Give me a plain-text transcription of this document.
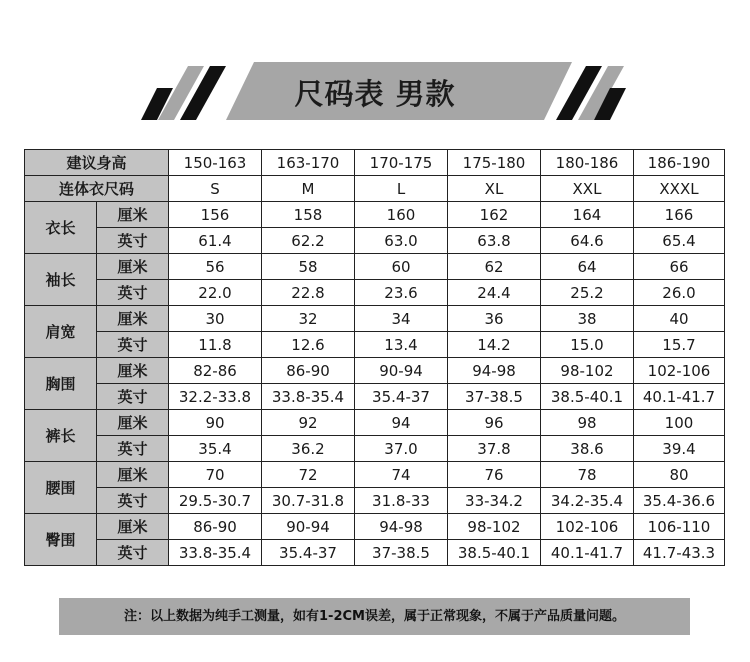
尺码表 男款
建议身高		150-163	163-170	170-175	175-180	180-186	186-190
连体衣尺码		S	M	L	XL	XXL	XXXL
衣长	厘米	156	158	160	162	164	166
	英寸	61.4	62.2	63.0	63.8	64.6	65.4
袖长	厘米	56	58	60	62	64	66
	英寸	22.0	22.8	23.6	24.4	25.2	26.0
肩宽	厘米	30	32	34	36	38	40
	英寸	11.8	12.6	13.4	14.2	15.0	15.7
胸围	厘米	82-86	86-90	90-94	94-98	98-102	102-106
	英寸	32.2-33.8	33.8-35.4	35.4-37	37-38.5	38.5-40.1	40.1-41.7
裤长	厘米	90	92	94	96	98	100
	英寸	35.4	36.2	37.0	37.8	38.6	39.4
腰围	厘米	70	72	74	76	78	80
	英寸	29.5-30.7	30.7-31.8	31.8-33	33-34.2	34.2-35.4	35.4-36.6
臀围	厘米	86-90	90-94	94-98	98-102	102-106	106-110
	英寸	33.8-35.4	35.4-37	37-38.5	38.5-40.1	40.1-41.7	41.7-43.3
注：以上数据为纯手工测量，如有1-2CM误差，属于正常现象，不属于产品质量问题。
